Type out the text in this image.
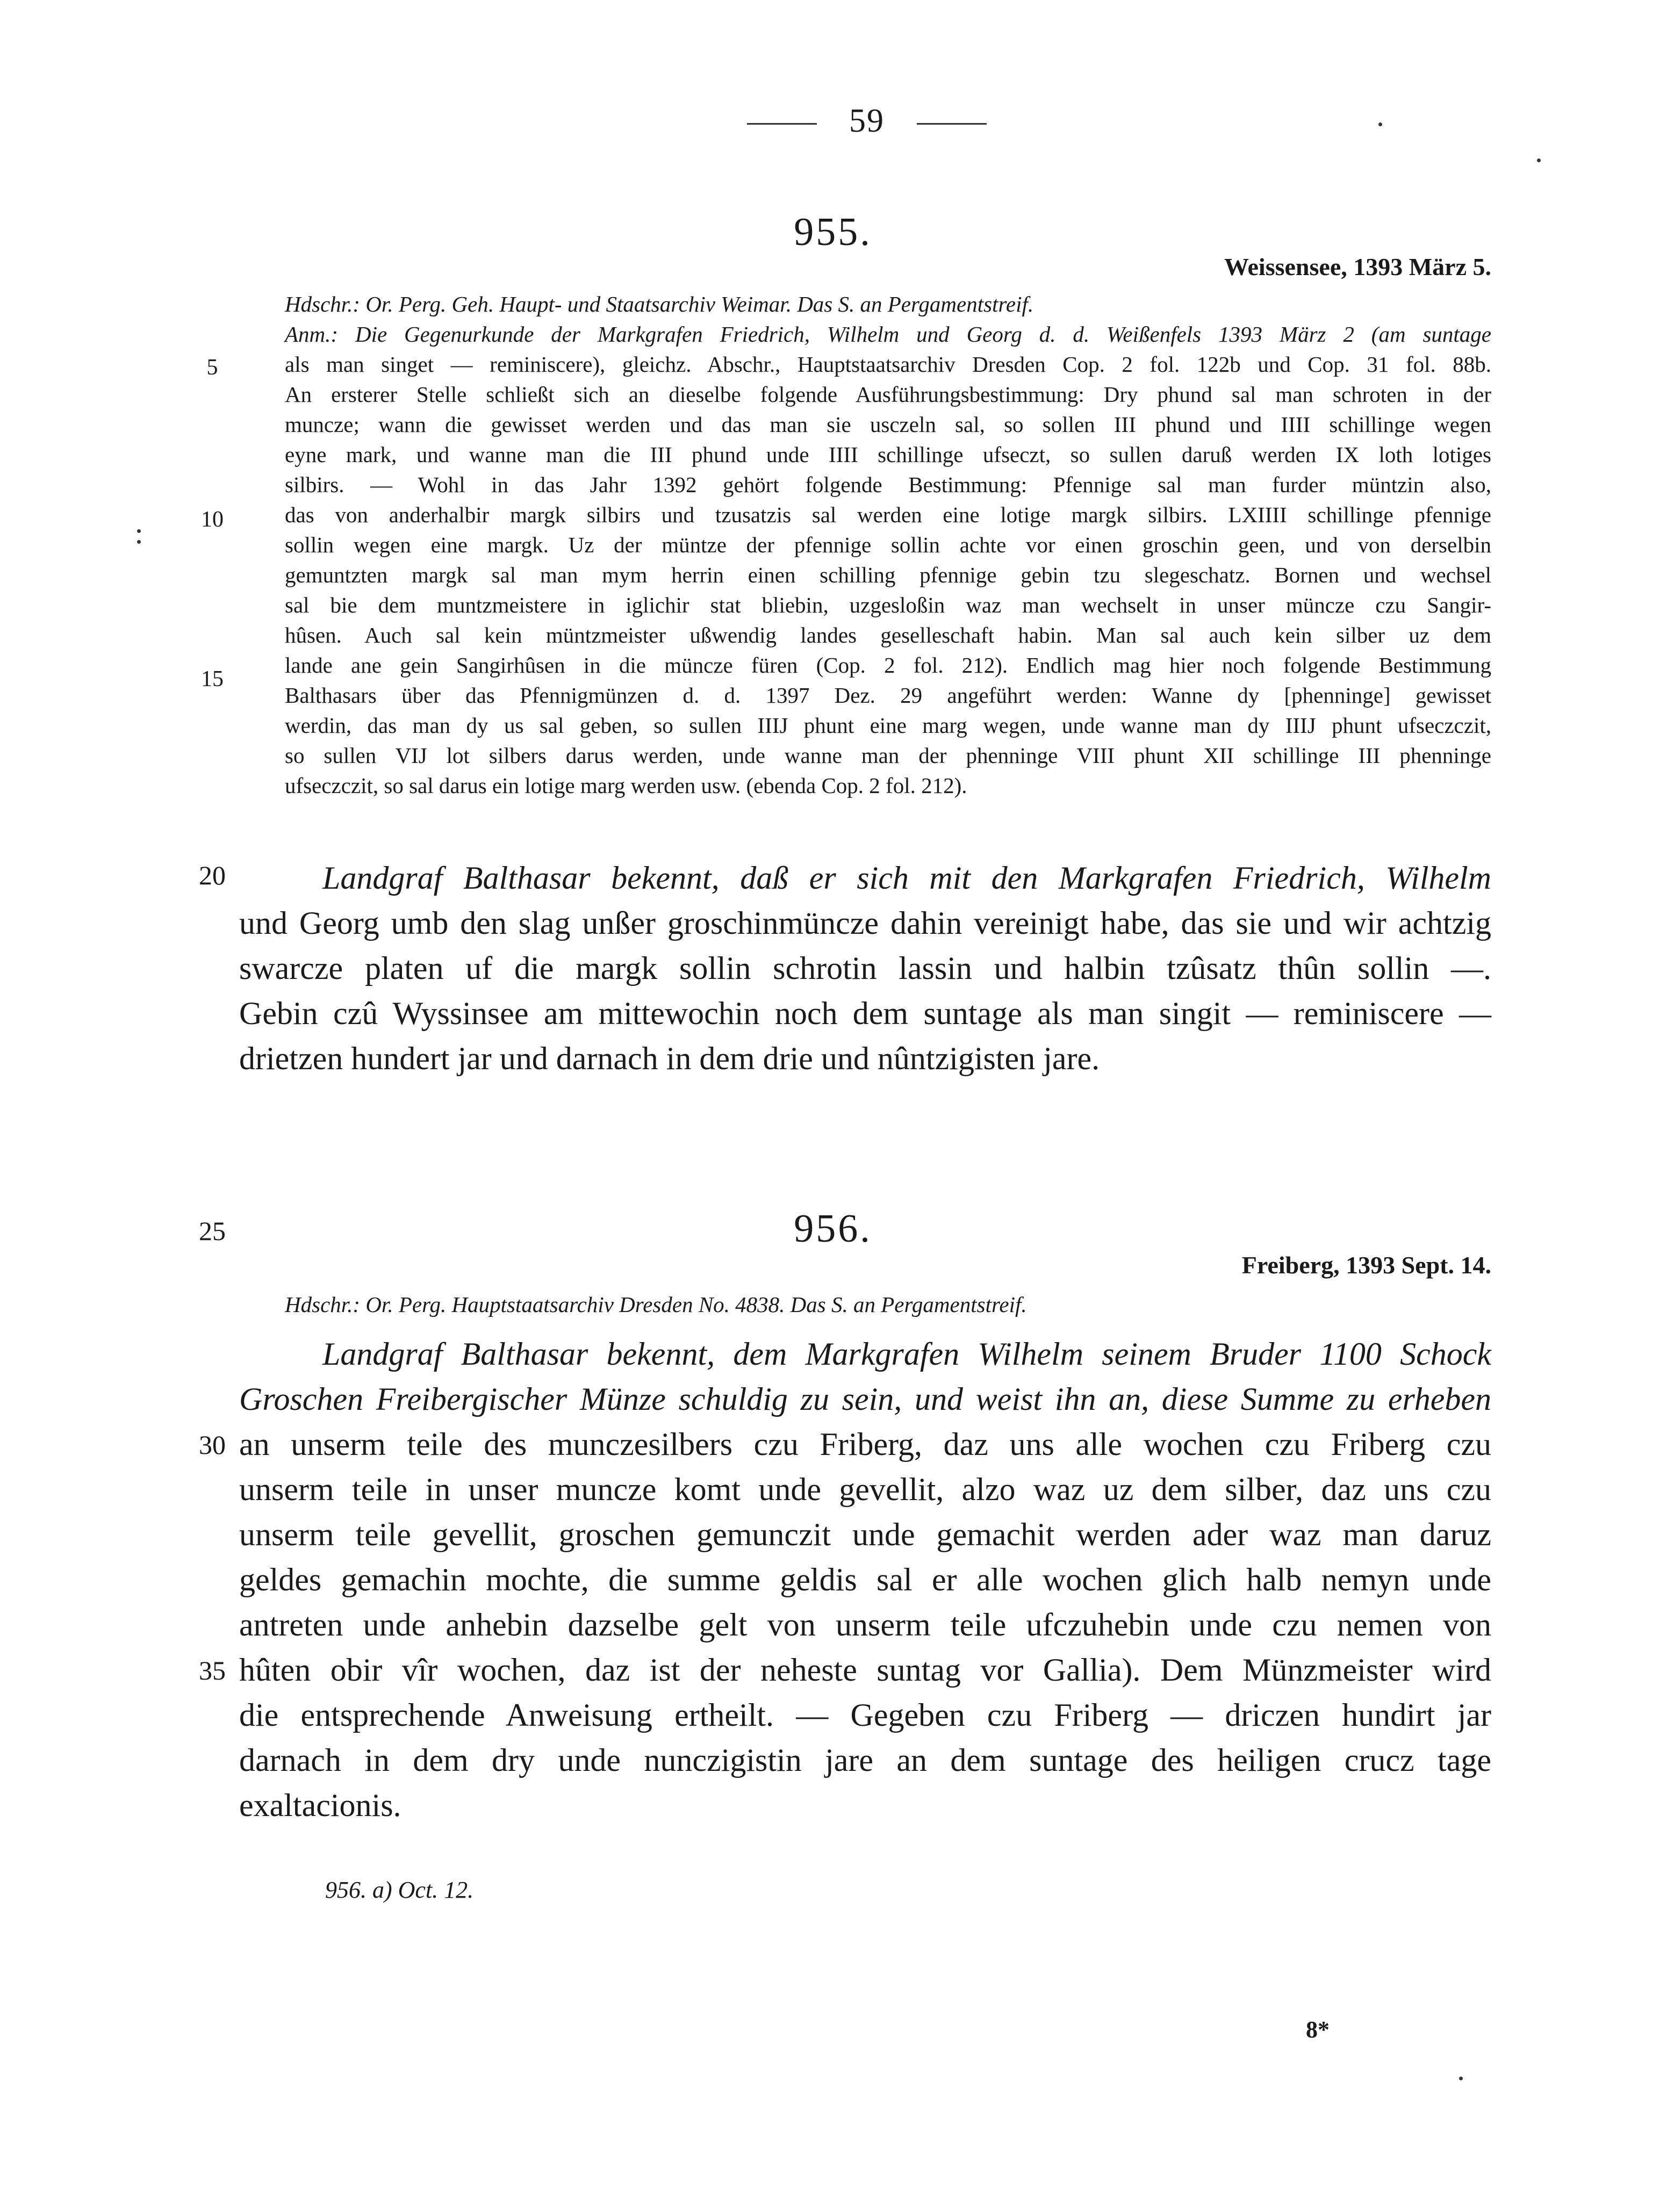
59
955.
Weissensee, 1393 März 5.
Hdschr.: Or. Perg. Geh. Haupt- und Staatsarchiv Weimar. Das S. an Pergamentstreif.
Anm.: Die Gegenurkunde der Markgrafen Friedrich, Wilhelm und Georg d. d. Weißenfels 1393 März 2 (am suntage
als man singet — reminiscere), gleichz. Abschr., Hauptstaatsarchiv Dresden Cop. 2 fol. 122b und Cop. 31 fol. 88b.
An ersterer Stelle schließt sich an dieselbe folgende Ausführungsbestimmung: Dry phund sal man schroten in der
muncze; wann die gewisset werden und das man sie usczeln sal, so sollen III phund und IIII schillinge wegen
eyne mark, und wanne man die III phund unde IIII schillinge ufseczt, so sullen daruß werden IX loth lotiges
silbirs. — Wohl in das Jahr 1392 gehört folgende Bestimmung: Pfennige sal man furder müntzin also,
das von anderhalbir margk silbirs und tzusatzis sal werden eine lotige margk silbirs. LXIIII schillinge pfennige
sollin wegen eine margk. Uz der müntze der pfennige sollin achte vor einen groschin geen, und von derselbin
gemuntzten margk sal man mym herrin einen schilling pfennige gebin tzu slegeschatz. Bornen und wechsel
sal bie dem muntzmeistere in iglichir stat bliebin, uzgesloßin waz man wechselt in unser müncze czu Sangir-
hûsen. Auch sal kein müntzmeister ußwendig landes geselleschaft habin. Man sal auch kein silber uz dem
lande ane gein Sangirhûsen in die müncze füren (Cop. 2 fol. 212). Endlich mag hier noch folgende Bestimmung
Balthasars über das Pfennigmünzen d. d. 1397 Dez. 29 angeführt werden: Wanne dy [phenninge] gewisset
werdin, das man dy us sal geben, so sullen IIIJ phunt eine marg wegen, unde wanne man dy IIIJ phunt ufseczczit,
so sullen VIJ lot silbers darus werden, unde wanne man der phenninge VIII phunt XII schillinge III phenninge
ufseczczit, so sal darus ein lotige marg werden usw. (ebenda Cop. 2 fol. 212).
Landgraf Balthasar bekennt, daß er sich mit den Markgrafen Friedrich, Wilhelm
und Georg umb den slag unßer groschinmüncze dahin vereinigt habe, das sie und wir achtzig
swarcze platen uf die margk sollin schrotin lassin und halbin tzûsatz thûn sollin —.
Gebin czû Wyssinsee am mittewochin noch dem suntage als man singit — reminiscere —
drietzen hundert jar und darnach in dem drie und nûntzigisten jare.
956.
Freiberg, 1393 Sept. 14.
Hdschr.: Or. Perg. Hauptstaatsarchiv Dresden No. 4838. Das S. an Pergamentstreif.
Landgraf Balthasar bekennt, dem Markgrafen Wilhelm seinem Bruder 1100 Schock
Groschen Freibergischer Münze schuldig zu sein, und weist ihn an, diese Summe zu erheben
an unserm teile des munczesilbers czu Friberg, daz uns alle wochen czu Friberg czu
unserm teile in unser muncze komt unde gevellit, alzo waz uz dem silber, daz uns czu
unserm teile gevellit, groschen gemunczit unde gemachit werden ader waz man daruz
geldes gemachin mochte, die summe geldis sal er alle wochen glich halb nemyn unde
antreten unde anhebin dazselbe gelt von unserm teile ufczuhebin unde czu nemen von
hûten obir vîr wochen, daz ist der neheste suntag vor Gallia). Dem Münzmeister wird
die entsprechende Anweisung ertheilt. — Gegeben czu Friberg — driczen hundirt jar
darnach in dem dry unde nunczigistin jare an dem suntage des heiligen crucz tage
exaltacionis.
5
10
15
20
25
30
35
956. a) Oct. 12.
8*
